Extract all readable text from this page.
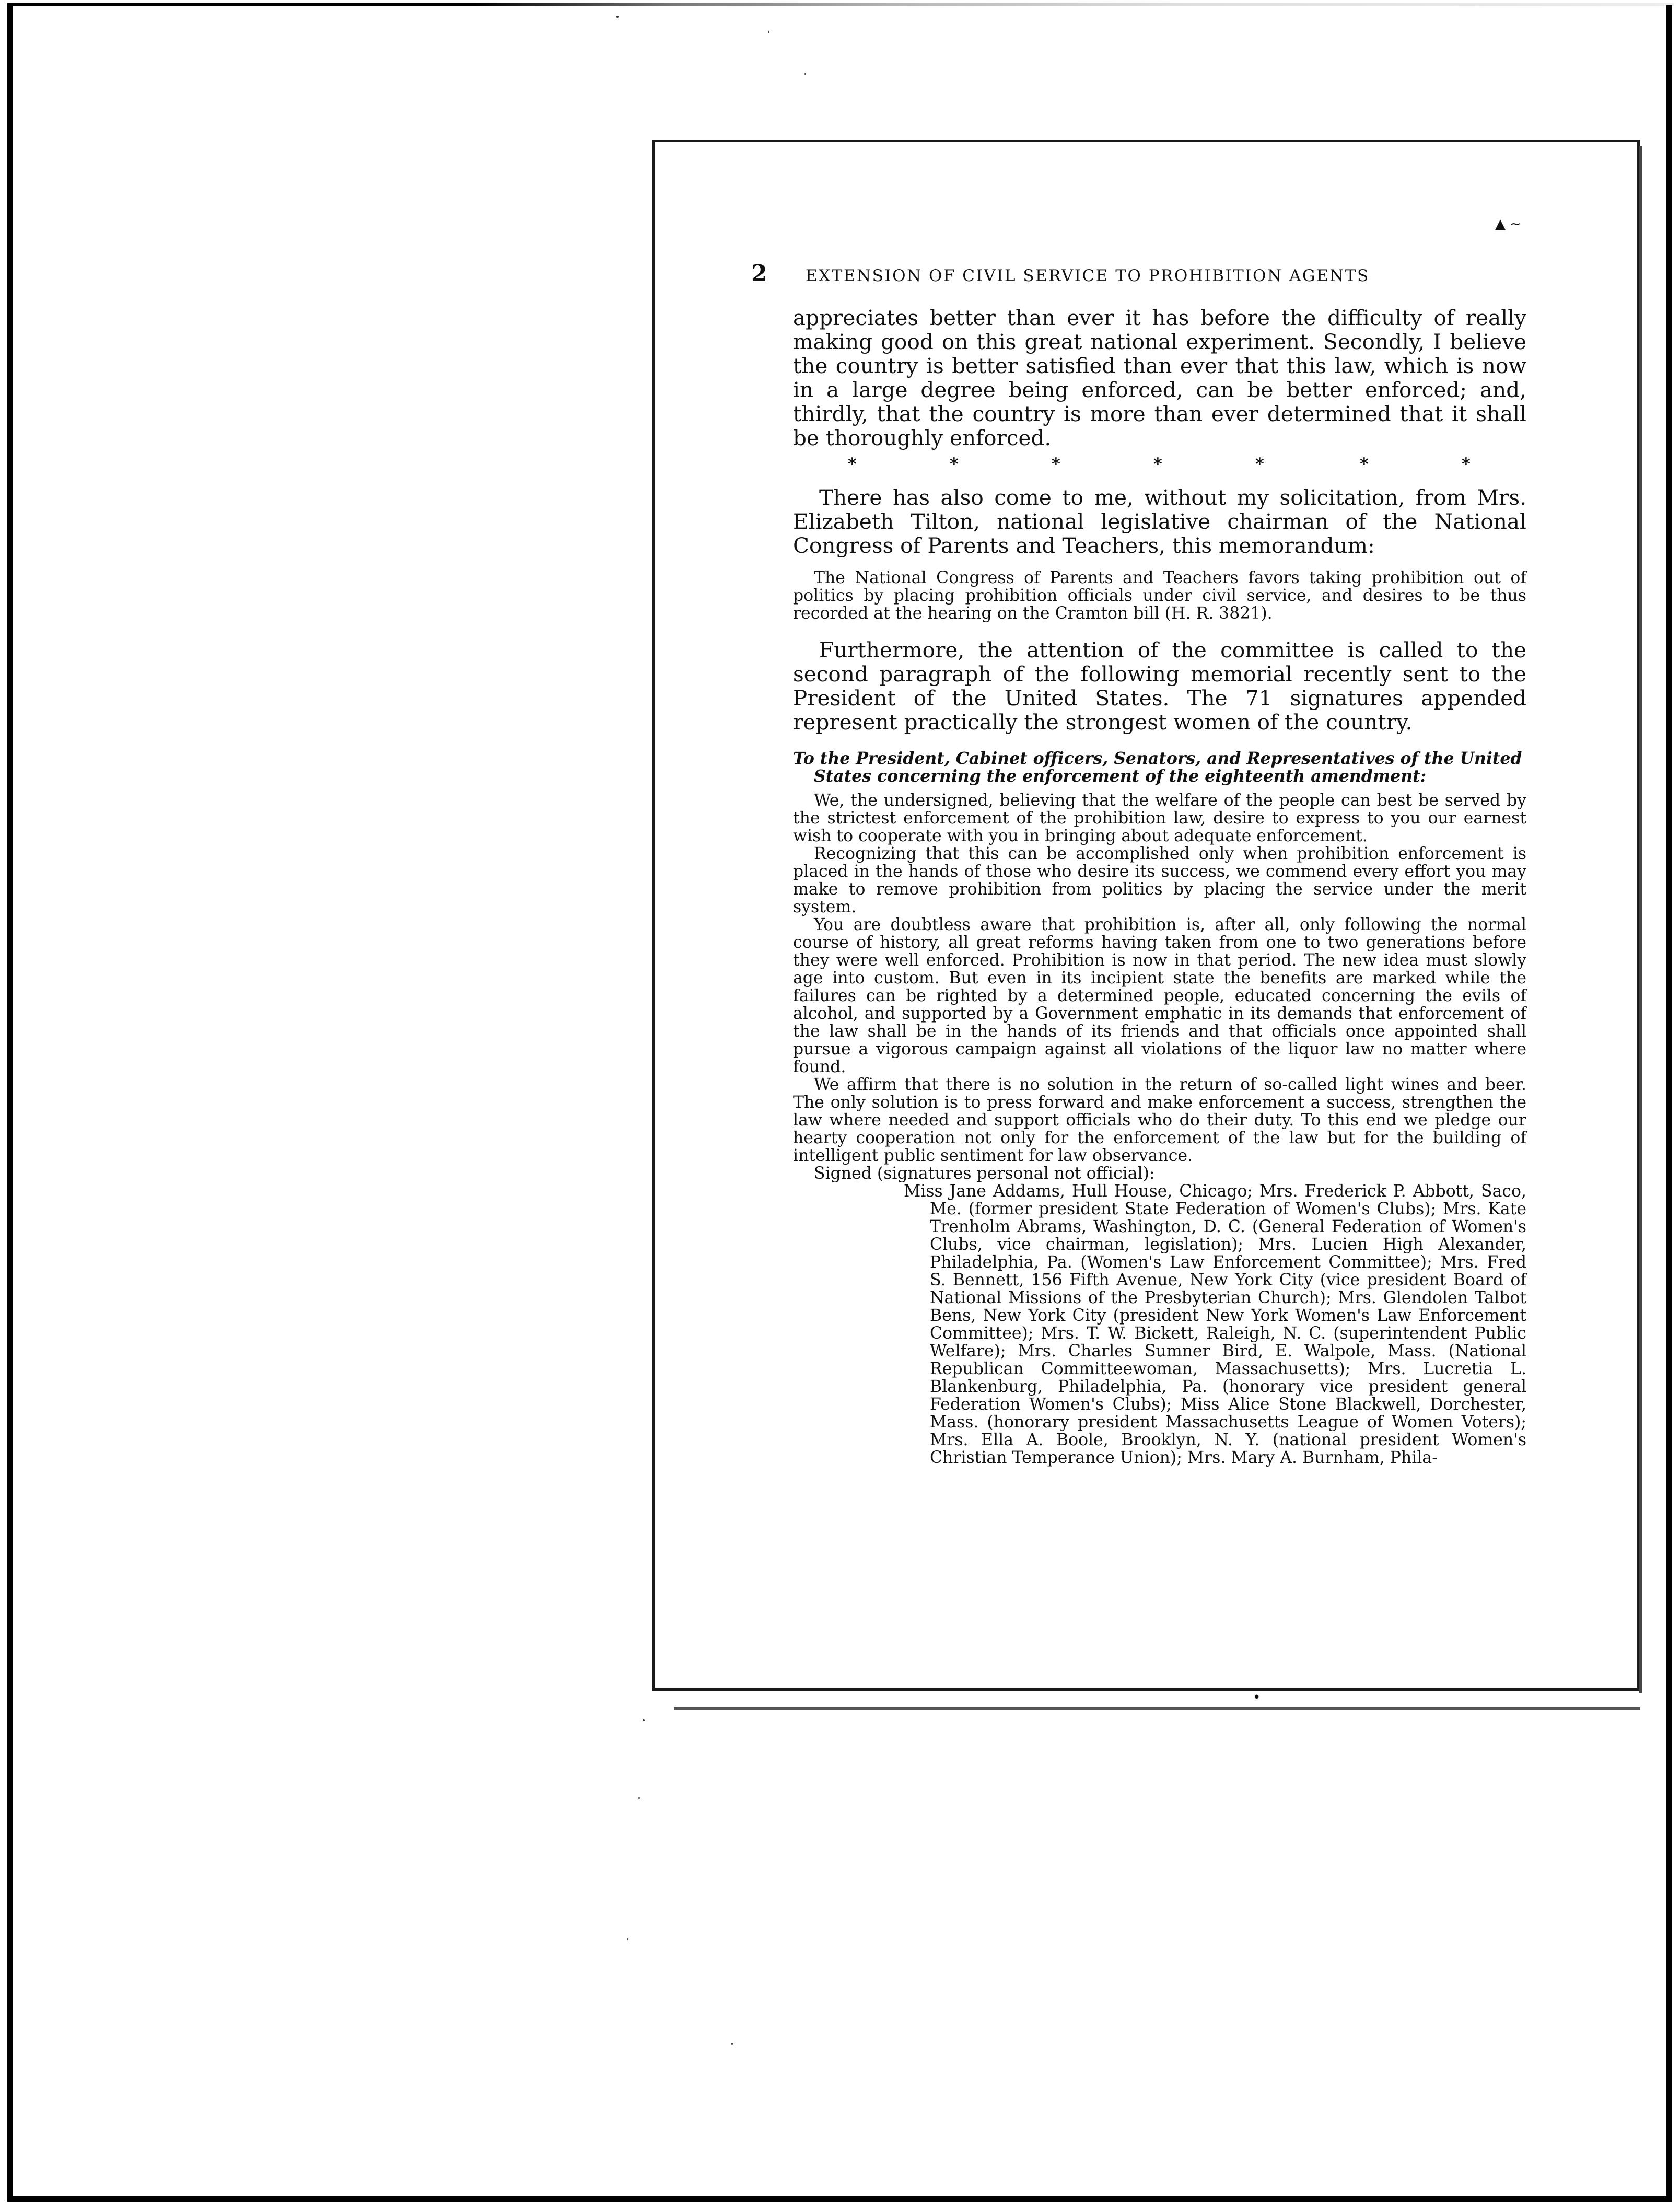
▲ ~
2 EXTENSION OF CIVIL SERVICE TO PROHIBITION AGENTS

appreciates better than ever it has before the difficulty of really making good on this great national experiment. Secondly, I believe the country is better satisfied than ever that this law, which is now in a large degree being enforced, can be better enforced; and, thirdly, that the country is more than ever determined that it shall be thoroughly enforced.

*	*	*	*	*	*	*

There has also come to me, without my solicitation, from Mrs. Elizabeth Tilton, national legislative chairman of the National Congress of Parents and Teachers, this memorandum:

The National Congress of Parents and Teachers favors taking prohibition out of politics by placing prohibition officials under civil service, and desires to be thus recorded at the hearing on the Cramton bill (H. R. 3821).

Furthermore, the attention of the committee is called to the second paragraph of the following memorial recently sent to the President of the United States. The 71 signatures appended represent practically the strongest women of the country.

To the President, Cabinet officers, Senators, and Representatives of the United
States concerning the enforcement of the eighteenth amendment:

We, the undersigned, believing that the welfare of the people can best be served by the strictest enforcement of the prohibition law, desire to express to you our earnest wish to cooperate with you in bringing about adequate enforcement.

Recognizing that this can be accomplished only when prohibition enforcement is placed in the hands of those who desire its success, we commend every effort you may make to remove prohibition from politics by placing the service under the merit system.

You are doubtless aware that prohibition is, after all, only following the normal course of history, all great reforms having taken from one to two generations before they were well enforced. Prohibition is now in that period. The new idea must slowly age into custom. But even in its incipient state the benefits are marked while the failures can be righted by a determined people, educated concerning the evils of alcohol, and supported by a Government emphatic in its demands that enforcement of the law shall be in the hands of its friends and that officials once appointed shall pursue a vigorous campaign against all violations of the liquor law no matter where found.

We affirm that there is no solution in the return of so-called light wines and beer. The only solution is to press forward and make enforcement a success, strengthen the law where needed and support officials who do their duty. To this end we pledge our hearty cooperation not only for the enforcement of the law but for the building of intelligent public sentiment for law observance.

Signed (signatures personal not official):

Miss Jane Addams, Hull House, Chicago; Mrs. Frederick P. Abbott, Saco, Me. (former president State Federation of Women's Clubs); Mrs. Kate Trenholm Abrams, Washington, D. C. (General Federation of Women's Clubs, vice chairman, legislation); Mrs. Lucien High Alexander, Philadelphia, Pa. (Women's Law Enforcement Committee); Mrs. Fred S. Bennett, 156 Fifth Avenue, New York City (vice president Board of National Missions of the Presbyterian Church); Mrs. Glendolen Talbot Bens, New York City (president New York Women's Law Enforcement Committee); Mrs. T. W. Bickett, Raleigh, N. C. (superintendent Public Welfare); Mrs. Charles Sumner Bird, E. Walpole, Mass. (National Republican Committeewoman, Massachusetts); Mrs. Lucretia L. Blankenburg, Philadelphia, Pa. (honorary vice president general Federation Women's Clubs); Miss Alice Stone Blackwell, Dorchester, Mass. (honorary president Massachusetts League of Women Voters); Mrs. Ella A. Boole, Brooklyn, N. Y. (national president Women's Christian Temperance Union); Mrs. Mary A. Burnham, Phila-

•
